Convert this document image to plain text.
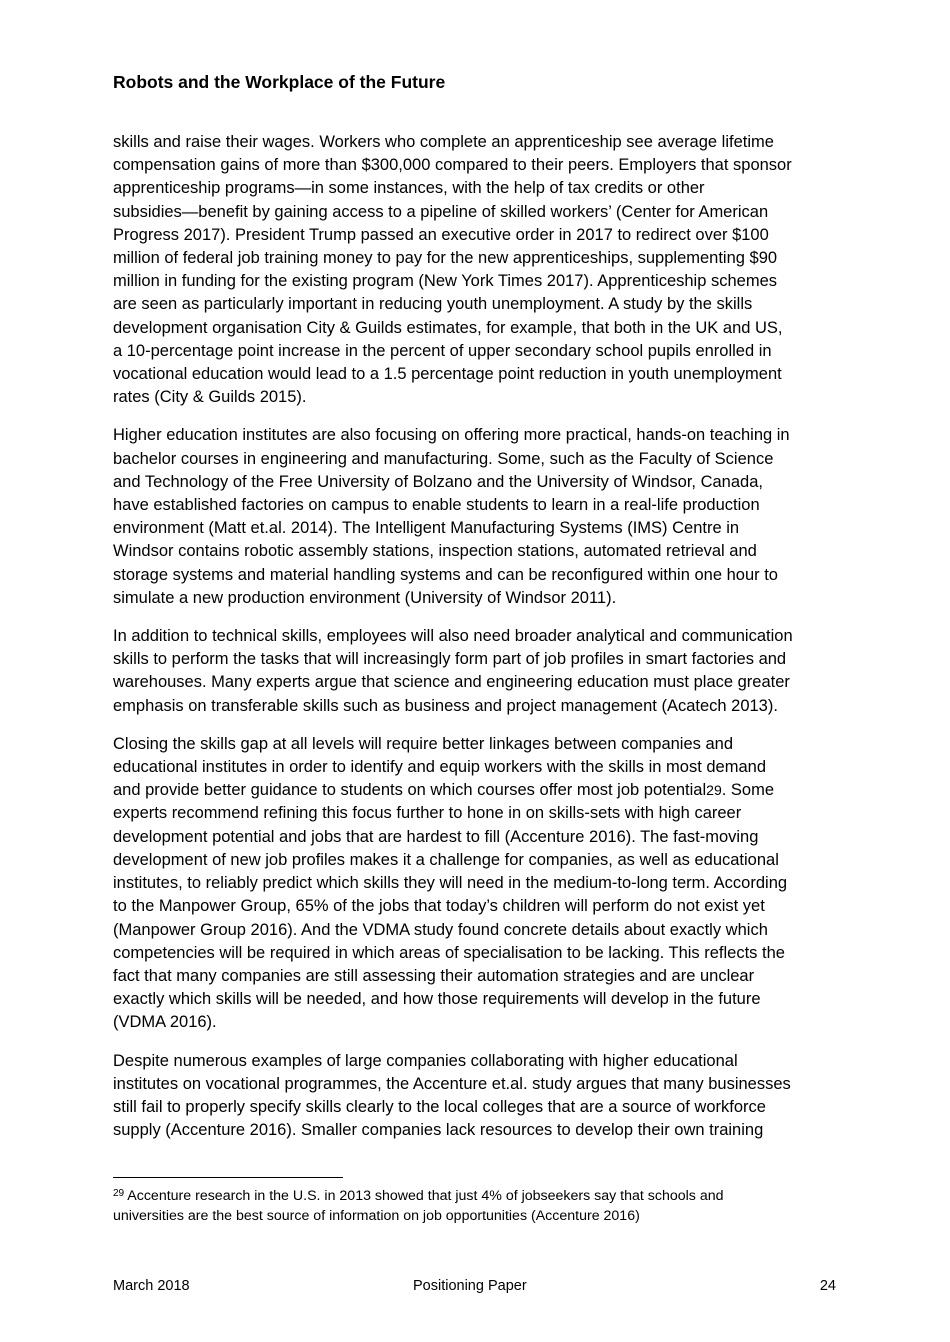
Robots and the Workplace of the Future

skills and raise their wages. Workers who complete an apprenticeship see average lifetime
compensation gains of more than $300,000 compared to their peers. Employers that sponsor
apprenticeship programs—in some instances, with the help of tax credits or other
subsidies—benefit by gaining access to a pipeline of skilled workers’ (Center for American
Progress 2017). President Trump passed an executive order in 2017 to redirect over $100
million of federal job training money to pay for the new apprenticeships, supplementing $90
million in funding for the existing program (New York Times 2017). Apprenticeship schemes
are seen as particularly important in reducing youth unemployment. A study by the skills
development organisation City & Guilds estimates, for example, that both in the UK and US,
a 10-percentage point increase in the percent of upper secondary school pupils enrolled in
vocational education would lead to a 1.5 percentage point reduction in youth unemployment
rates (City & Guilds 2015).

Higher education institutes are also focusing on offering more practical, hands-on teaching in
bachelor courses in engineering and manufacturing. Some, such as the Faculty of Science
and Technology of the Free University of Bolzano and the University of Windsor, Canada,
have established factories on campus to enable students to learn in a real-life production
environment (Matt et.al. 2014). The Intelligent Manufacturing Systems (IMS) Centre in
Windsor contains robotic assembly stations, inspection stations, automated retrieval and
storage systems and material handling systems and can be reconfigured within one hour to
simulate a new production environment (University of Windsor 2011).

In addition to technical skills, employees will also need broader analytical and communication
skills to perform the tasks that will increasingly form part of job profiles in smart factories and
warehouses. Many experts argue that science and engineering education must place greater
emphasis on transferable skills such as business and project management (Acatech 2013).

Closing the skills gap at all levels will require better linkages between companies and
educational institutes in order to identify and equip workers with the skills in most demand
and provide better guidance to students on which courses offer most job potential29. Some
experts recommend refining this focus further to hone in on skills-sets with high career
development potential and jobs that are hardest to fill (Accenture 2016). The fast-moving
development of new job profiles makes it a challenge for companies, as well as educational
institutes, to reliably predict which skills they will need in the medium-to-long term. According
to the Manpower Group, 65% of the jobs that today’s children will perform do not exist yet
(Manpower Group 2016). And the VDMA study found concrete details about exactly which
competencies will be required in which areas of specialisation to be lacking. This reflects the
fact that many companies are still assessing their automation strategies and are unclear
exactly which skills will be needed, and how those requirements will develop in the future
(VDMA 2016).

Despite numerous examples of large companies collaborating with higher educational
institutes on vocational programmes, the Accenture et.al. study argues that many businesses
still fail to properly specify skills clearly to the local colleges that are a source of workforce
supply (Accenture 2016). Smaller companies lack resources to develop their own training

$^{29}$ Accenture research in the U.S. in 2013 showed that just 4% of jobseekers say that schools and
universities are the best source of information on job opportunities (Accenture 2016)
March 2018	Positioning Paper	24
